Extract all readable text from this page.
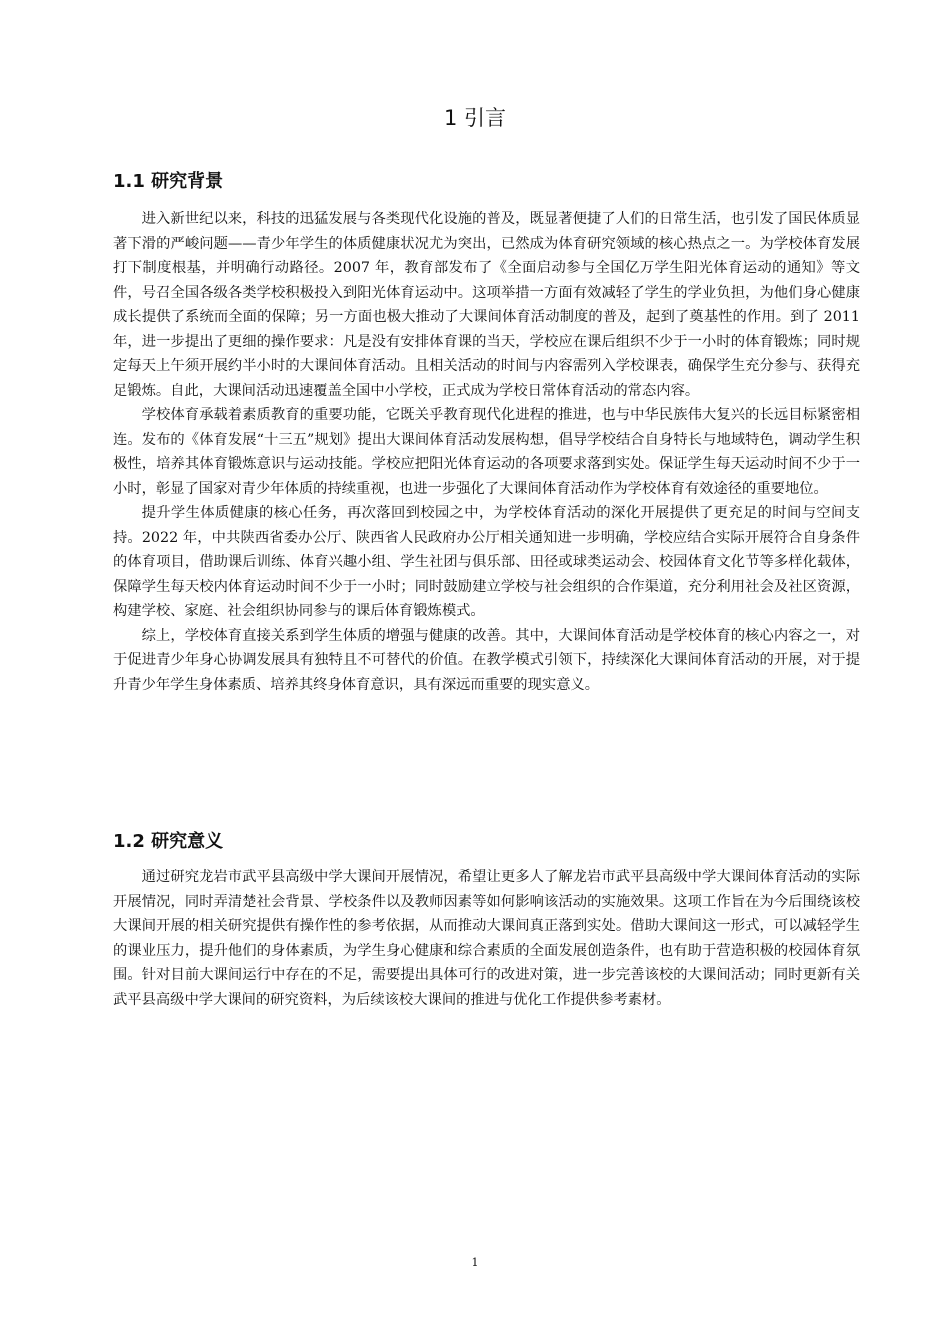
1 引言
1.1 研究背景

进入新世纪以来，科技的迅猛发展与各类现代化设施的普及，既显著便捷了人们的日常生活，也引发了国民体质显著下滑的严峻问题——青少年学生的体质健康状况尤为突出，已然成为体育研究领域的核心热点之一。为学校体育发展打下制度根基，并明确行动路径。2007 年，教育部发布了《全面启动参与全国亿万学生阳光体育运动的通知》等文件，号召全国各级各类学校积极投入到阳光体育运动中。这项举措一方面有效减轻了学生的学业负担，为他们身心健康成长提供了系统而全面的保障；另一方面也极大推动了大课间体育活动制度的普及，起到了奠基性的作用。到了 2011 年，进一步提出了更细的操作要求：凡是没有安排体育课的当天，学校应在课后组织不少于一小时的体育锻炼；同时规定每天上午须开展约半小时的大课间体育活动。且相关活动的时间与内容需列入学校课表，确保学生充分参与、获得充足锻炼。自此，大课间活动迅速覆盖全国中小学校，正式成为学校日常体育活动的常态内容。

学校体育承载着素质教育的重要功能，它既关乎教育现代化进程的推进，也与中华民族伟大复兴的长远目标紧密相连。发布的《体育发展“十三五”规划》提出大课间体育活动发展构想，倡导学校结合自身特长与地域特色，调动学生积极性，培养其体育锻炼意识与运动技能。学校应把阳光体育运动的各项要求落到实处。保证学生每天运动时间不少于一小时，彰显了国家对青少年体质的持续重视，也进一步强化了大课间体育活动作为学校体育有效途径的重要地位。

提升学生体质健康的核心任务，再次落回到校园之中，为学校体育活动的深化开展提供了更充足的时间与空间支持。2022 年，中共陕西省委办公厅、陕西省人民政府办公厅相关通知进一步明确，学校应结合实际开展符合自身条件的体育项目，借助课后训练、体育兴趣小组、学生社团与俱乐部、田径或球类运动会、校园体育文化节等多样化载体，保障学生每天校内体育运动时间不少于一小时；同时鼓励建立学校与社会组织的合作渠道，充分利用社会及社区资源，构建学校、家庭、社会组织协同参与的课后体育锻炼模式。

综上，学校体育直接关系到学生体质的增强与健康的改善。其中，大课间体育活动是学校体育的核心内容之一，对于促进青少年身心协调发展具有独特且不可替代的价值。在教学模式引领下，持续深化大课间体育活动的开展，对于提升青少年学生身体素质、培养其终身体育意识，具有深远而重要的现实意义。

1.2 研究意义

通过研究龙岩市武平县高级中学大课间开展情况，希望让更多人了解龙岩市武平县高级中学大课间体育活动的实际开展情况，同时弄清楚社会背景、学校条件以及教师因素等如何影响该活动的实施效果。这项工作旨在为今后围绕该校大课间开展的相关研究提供有操作性的参考依据，从而推动大课间真正落到实处。借助大课间这一形式，可以减轻学生的课业压力，提升他们的身体素质，为学生身心健康和综合素质的全面发展创造条件，也有助于营造积极的校园体育氛围。针对目前大课间运行中存在的不足，需要提出具体可行的改进对策，进一步完善该校的大课间活动；同时更新有关武平县高级中学大课间的研究资料，为后续该校大课间的推进与优化工作提供参考素材。

1
